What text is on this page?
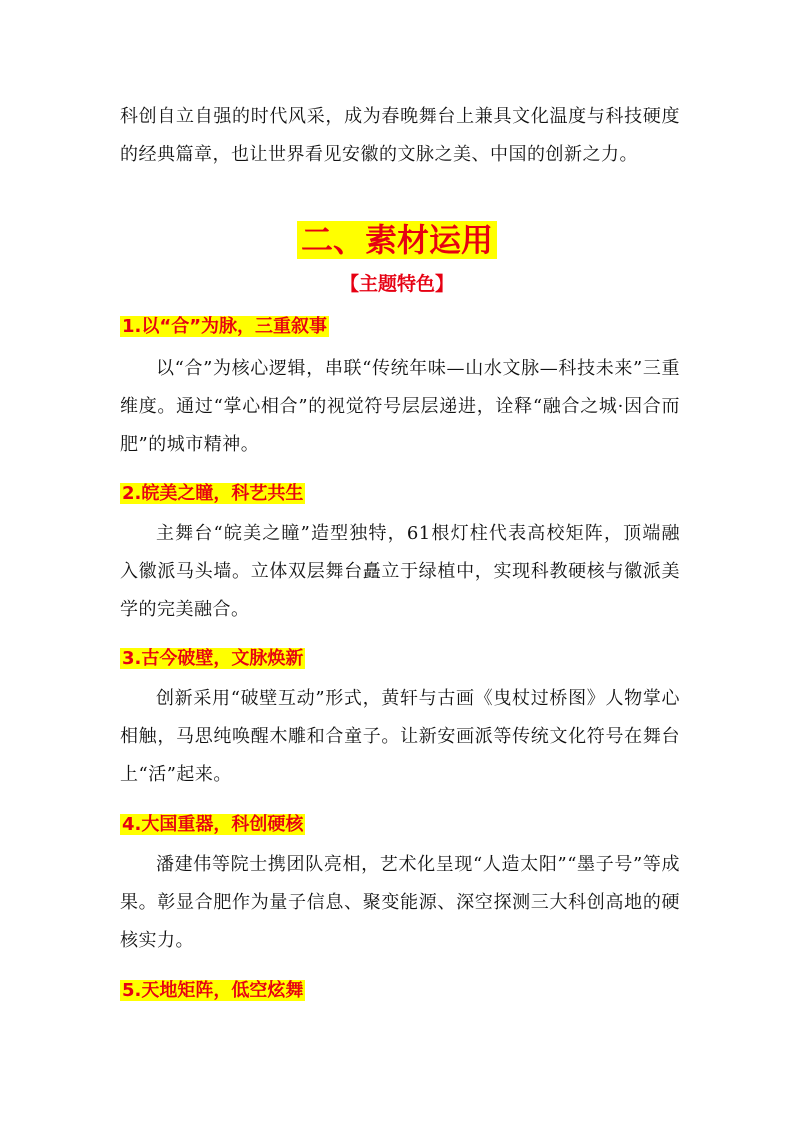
科创自立自强的时代风采，成为春晚舞台上兼具文化温度与科技硬度的经典篇章，也让世界看见安徽的文脉之美、中国的创新之力。

二、素材运用
【主题特色】
1.以“合”为脉，三重叙事

以“合”为核心逻辑，串联“传统年味—山水文脉—科技未来”三重维度。通过“掌心相合”的视觉符号层层递进，诠释“融合之城·因合而肥”的城市精神。

2.皖美之瞳，科艺共生

主舞台“皖美之瞳”造型独特，61根灯柱代表高校矩阵，顶端融入徽派马头墙。立体双层舞台矗立于绿植中，实现科教硬核与徽派美学的完美融合。

3.古今破壁，文脉焕新

创新采用“破壁互动”形式，黄轩与古画《曳杖过桥图》人物掌心相触，马思纯唤醒木雕和合童子。让新安画派等传统文化符号在舞台上“活”起来。

4.大国重器，科创硬核

潘建伟等院士携团队亮相，艺术化呈现“人造太阳”“墨子号”等成果。彰显合肥作为量子信息、聚变能源、深空探测三大科创高地的硬核实力。

5.天地矩阵，低空炫舞
